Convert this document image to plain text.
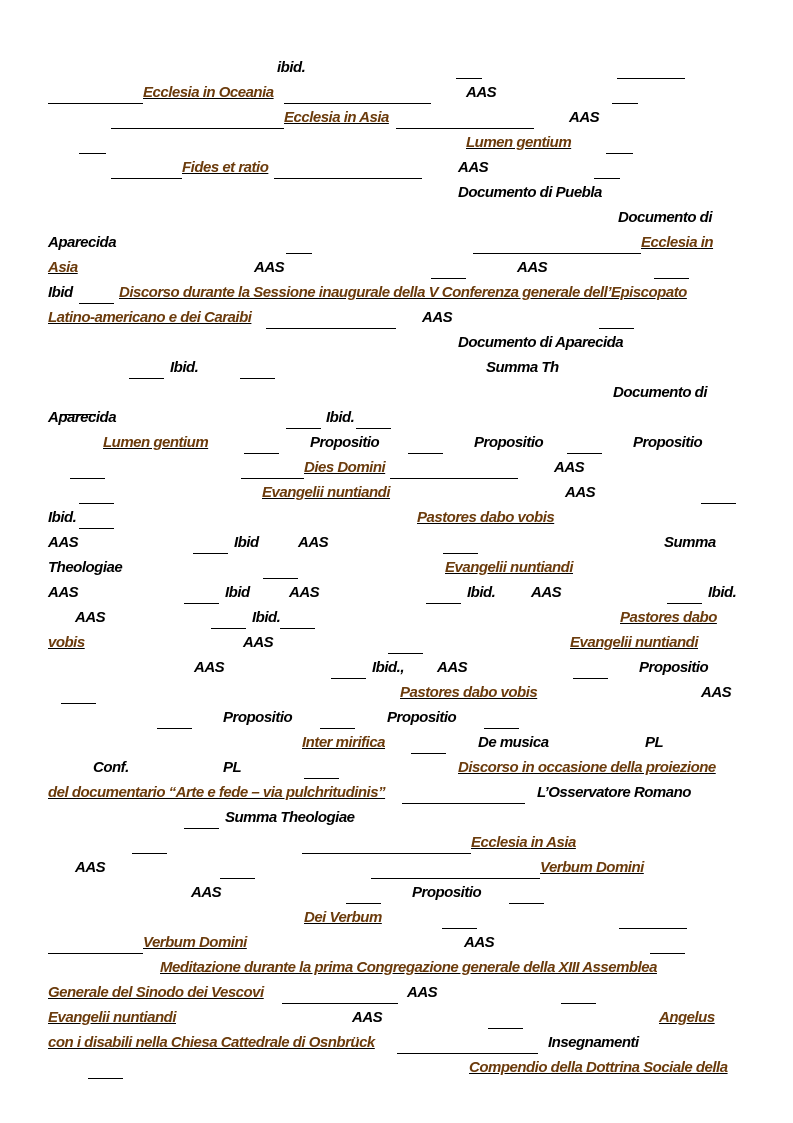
ibid.
Ecclesia in Oceania	AAS
Ecclesia in Asia	AAS
Lumen gentium
Fides et ratio	AAS
Documento di Puebla
Documento di
Aparecida	Ecclesia in
Asia	AAS	AAS
Ibid	Discorso durante la Sessione inaugurale della V Conferenza generale dell’Episcopato
Latino-americano e dei Caraibi	AAS
Documento di Aparecida
Ibid.	Summa Th
Documento di
Aparecida	Ibid.
Lumen gentium	Propositio	Propositio	Propositio
Dies Domini	AAS
Evangelii nuntiandi	AAS
Ibid.	Pastores dabo vobis
AAS	Ibid	AAS	Summa
Theologiae	Evangelii nuntiandi
AAS	Ibid	AAS	Ibid. AAS	Ibid.
AAS	Ibid.	Pastores dabo
vobis	AAS	Evangelii nuntiandi
AAS	Ibid., AAS	Propositio
Pastores dabo vobis	AAS
Propositio	Propositio
Inter mirifica	De musica	PL
Conf.	PL	Discorso in occasione della proiezione
del documentario “Arte e fede – via pulchritudinis”	L’Osservatore Romano
Summa Theologiae
Ecclesia in Asia
AAS	Verbum Domini
AAS	Propositio
Dei Verbum
Verbum Domini	AAS
Meditazione durante la prima Congregazione generale della XIII Assemblea
Generale del Sinodo dei Vescovi	AAS
Evangelii nuntiandi	AAS	Angelus
con i disabili nella Chiesa Cattedrale di Osnbrück	Insegnamenti
Compendio della Dottrina Sociale della
